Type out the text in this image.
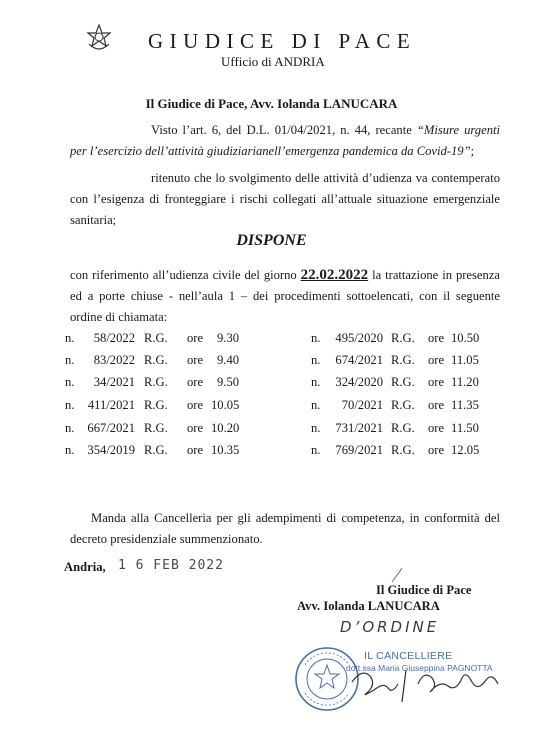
GIUDICE DI PACE
Ufficio di ANDRIA
Il Giudice di Pace, Avv. Iolanda LANUCARA
Visto l’art. 6, del D.L. 01/04/2021, n. 44, recante “Misure urgenti per l’esercizio dell’attività giudiziarianell’emergenza pandemica da Covid-19”;
ritenuto che lo svolgimento delle attività d’udienza va contemperato con l’esigenza di fronteggiare i rischi collegati all’attuale situazione emergenziale sanitaria;
DISPONE
con riferimento all’udienza civile del giorno 22.02.2022 la trattazione in presenza ed a porte chiuse - nell’aula 1 – dei procedimenti sottoelencati, con il seguente ordine di chiamata:
n.	58/2022 R.G. ore 9.30
n.	83/2022 R.G. ore 9.40
n.	34/2021 R.G. ore 9.50
n.	411/2021 R.G. ore 10.05
n.	667/2021 R.G. ore 10.20
n.	354/2019 R.G. ore 10.35
n.	495/2020 R.G. ore 10.50
n.	674/2021 R.G. ore 11.05
n.	324/2020 R.G. ore 11.20
n.	70/2021 R.G. ore 11.35
n.	731/2021 R.G. ore 11.50
n.	769/2021 R.G. ore 12.05
Manda alla Cancelleria per gli adempimenti di competenza, in conformità del decreto presidenziale summenzionato.
Andria, 1 6 FEB 2022
Il Giudice di Pace
Avv. Iolanda LANUCARA
D’ORDINE
IL CANCELLIERE
dott.ssa Maria Giuseppina PAGNOTTA
